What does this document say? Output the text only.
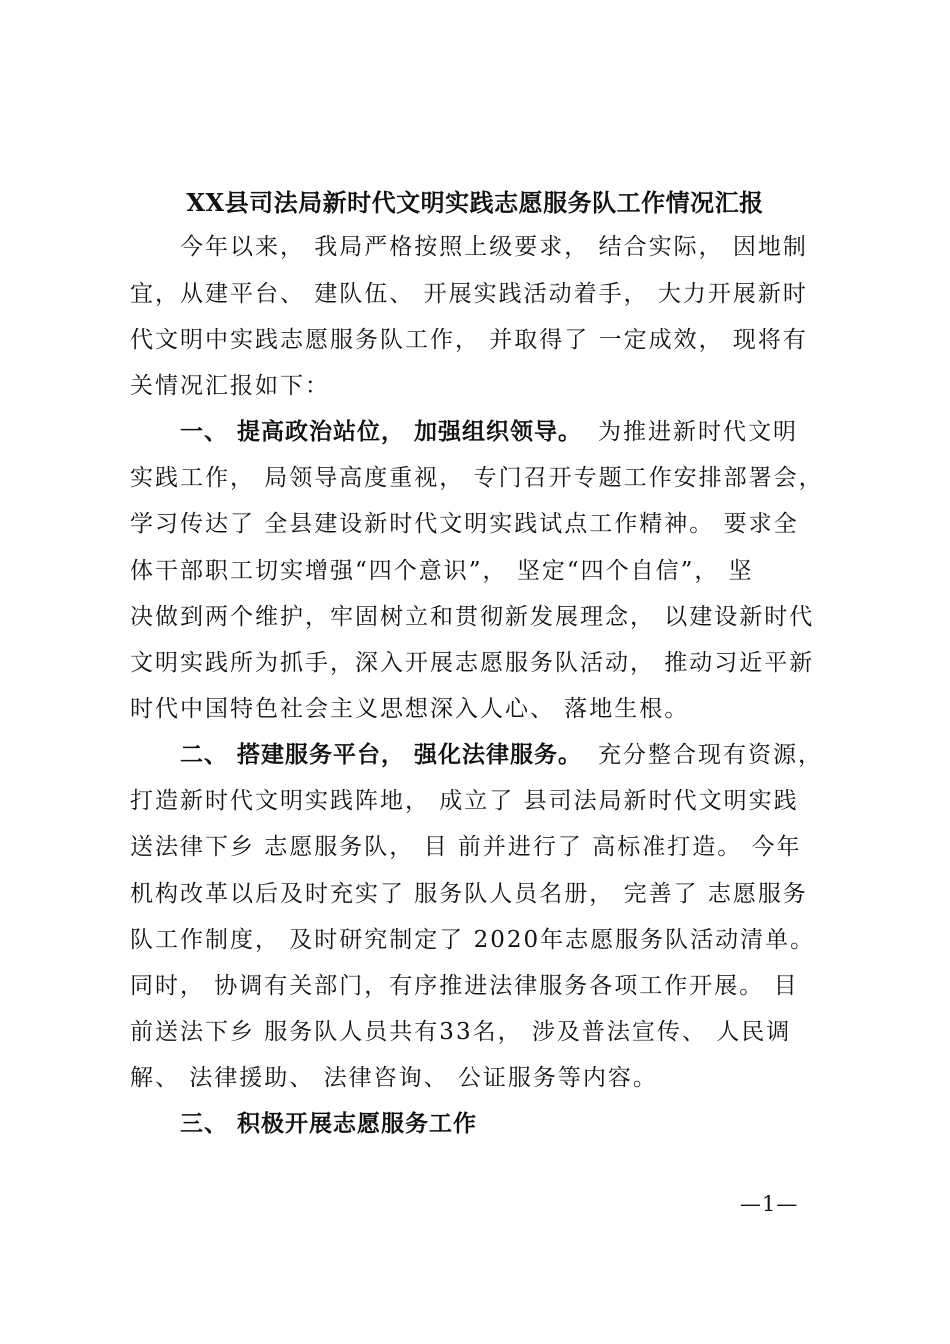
XX县司法局新时代文明实践志愿服务队工作情况汇报
今年以来， 我局严格按照上级要求， 结合实际， 因地制
宜，从建平台、 建队伍、 开展实践活动着手， 大力开展新时
代文明中实践志愿服务队工作， 并取得了 一定成效， 现将有
关情况汇报如下：
一、 提高政治站位， 加强组织领导。 为推进新时代文明
实践工作， 局领导高度重视， 专门召开专题工作安排部署会，
学习传达了 全县建设新时代文明实践试点工作精神。 要求全
体干部职工切实增强“四个意识”， 坚定“四个自信”， 坚
决做到两个维护，牢固树立和贯彻新发展理念， 以建设新时代
文明实践所为抓手，深入开展志愿服务队活动， 推动习近平新
时代中国特色社会主义思想深入人心、 落地生根。
二、 搭建服务平台， 强化法律服务。 充分整合现有资源，
打造新时代文明实践阵地， 成立了 县司法局新时代文明实践
送法律下乡 志愿服务队， 目 前并进行了 高标准打造。 今年
机构改革以后及时充实了 服务队人员名册， 完善了 志愿服务
队工作制度， 及时研究制定了 2020年志愿服务队活动清单。
同时， 协调有关部门，有序推进法律服务各项工作开展。 目
前送法下乡 服务队人员共有33名， 涉及普法宣传、 人民调
解、 法律援助、 法律咨询、 公证服务等内容。
三、 积极开展志愿服务工作
—1—
